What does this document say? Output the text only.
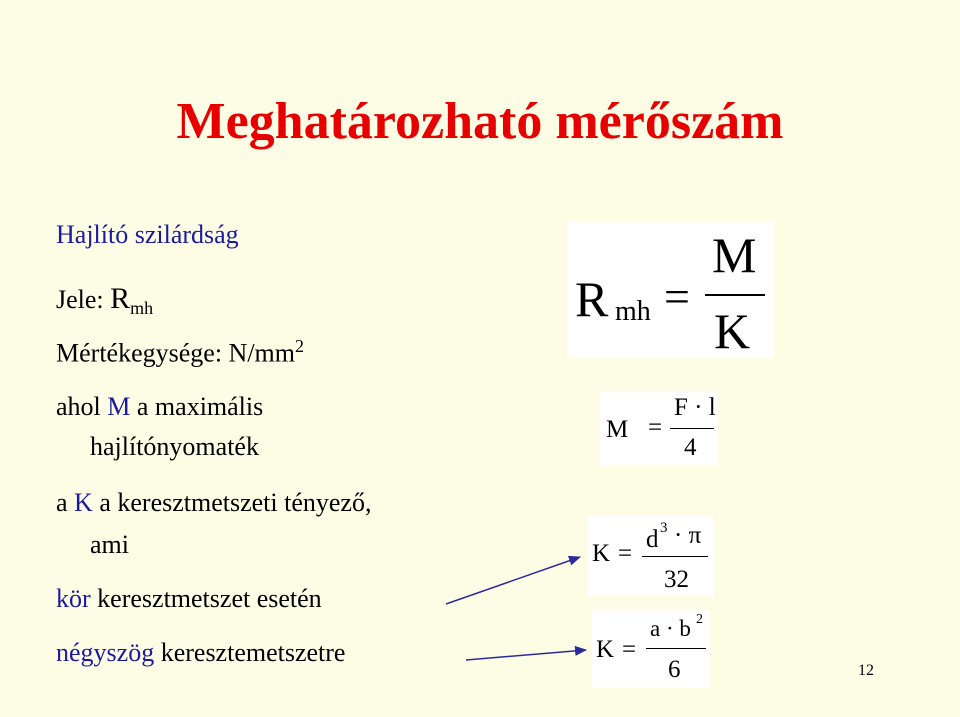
Meghatározható mérőszám
Hajlító szilárdság
Jele: $R_{mh}$
Mértékegysége: $N/mm^2$
ahol M a maximális
hajlítónyomaték
a K a keresztmetszeti tényező,
ami
kör keresztmetszet esetén
négyszög keresztemetszetre
R mh =
M
K
M =
F · l
4
K =
d 3 · π
32
K =
a · b 2
6	12
